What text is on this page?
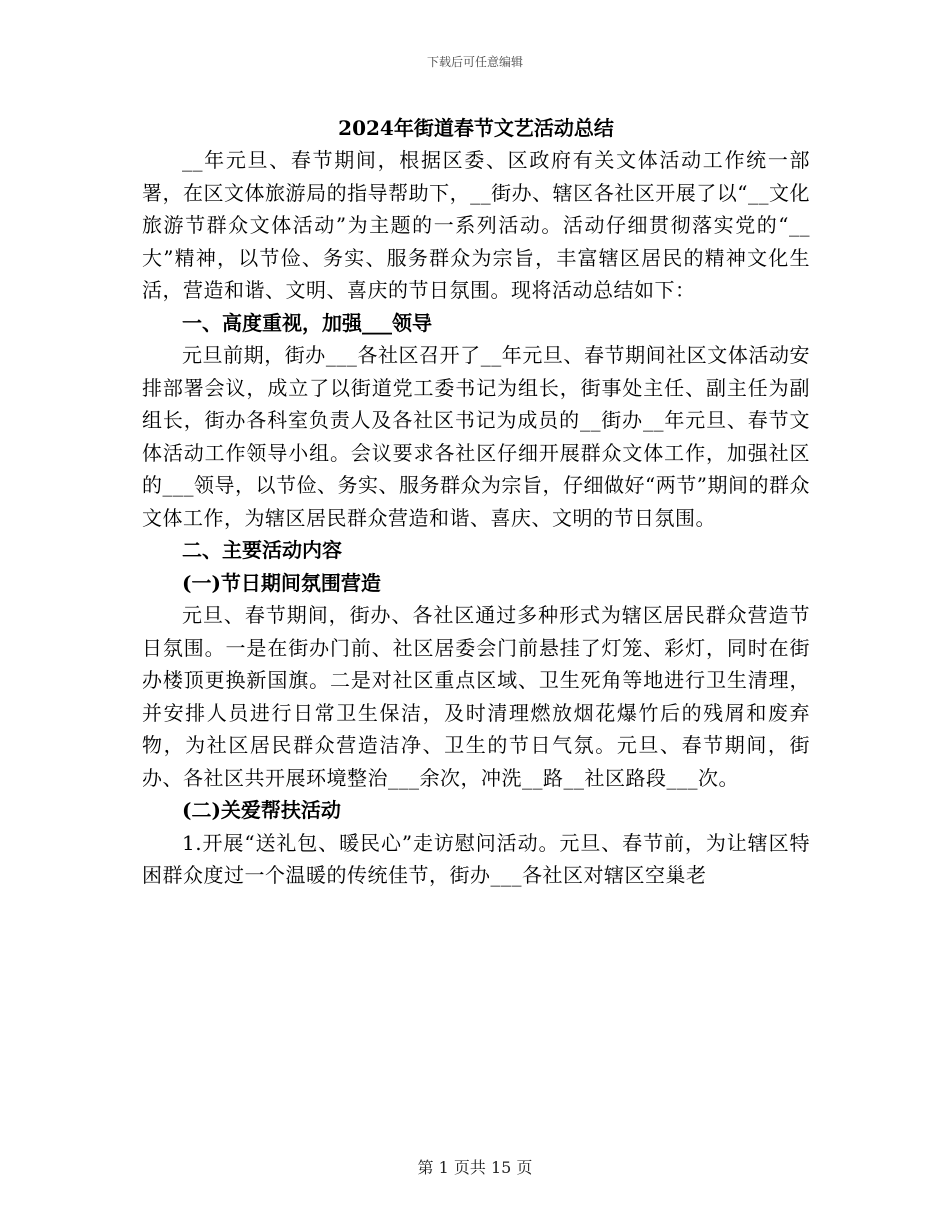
下载后可任意编辑
2024年街道春节文艺活动总结

__年元旦、春节期间，根据区委、区政府有关文体活动工作统一部署，在区文体旅游局的指导帮助下，__街办、辖区各社区开展了以“__文化旅游节群众文体活动”为主题的一系列活动。活动仔细贯彻落实党的“__大”精神，以节俭、务实、服务群众为宗旨，丰富辖区居民的精神文化生活，营造和谐、文明、喜庆的节日氛围。现将活动总结如下：

一、高度重视，加强___领导

元旦前期，街办___各社区召开了__年元旦、春节期间社区文体活动安排部署会议，成立了以街道党工委书记为组长，街事处主任、副主任为副组长，街办各科室负责人及各社区书记为成员的__街办__年元旦、春节文体活动工作领导小组。会议要求各社区仔细开展群众文体工作，加强社区的___领导，以节俭、务实、服务群众为宗旨，仔细做好“两节”期间的群众文体工作，为辖区居民群众营造和谐、喜庆、文明的节日氛围。

二、主要活动内容

(一)节日期间氛围营造

元旦、春节期间，街办、各社区通过多种形式为辖区居民群众营造节日氛围。一是在街办门前、社区居委会门前悬挂了灯笼、彩灯，同时在街办楼顶更换新国旗。二是对社区重点区域、卫生死角等地进行卫生清理，并安排人员进行日常卫生保洁，及时清理燃放烟花爆竹后的残屑和废弃物，为社区居民群众营造洁净、卫生的节日气氛。元旦、春节期间，街办、各社区共开展环境整治___余次，冲洗__路__社区路段___次。

(二)关爱帮扶活动

1.开展“送礼包、暖民心”走访慰问活动。元旦、春节前，为让辖区特困群众度过一个温暖的传统佳节，街办___各社区对辖区空巢老

第 1 页共 15 页
